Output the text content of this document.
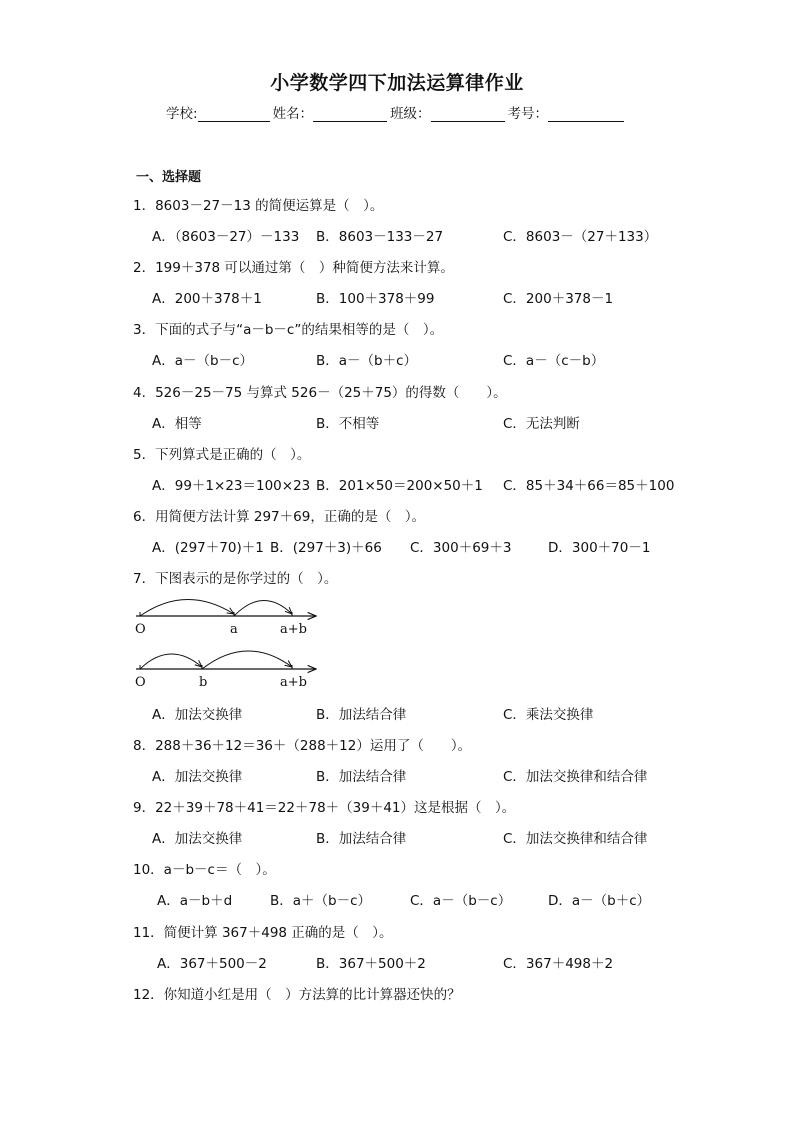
小学数学四下加法运算律作业
学校:	姓名：	班级：	考号：
一、选择题
1．8603－27－13 的简便运算是（　）。
A．（8603－27）－133 B．8603－133－27	C．8603－（27＋133）
2．199＋378 可以通过第（　）种简便方法来计算。
A．200＋378＋1	B．100＋378＋99	C．200＋378－1
3．下面的式子与“a－b－c”的结果相等的是（　）。
A．a－（b－c）	B．a－（b＋c）	C．a－（c－b）
4．526－25－75 与算式 526－（25＋75）的得数（　　）。
A．相等	B．不相等	C．无法判断
5．下列算式是正确的（　）。
A．99＋1×23＝100×23 B．201×50＝200×50＋1 C．85＋34＋66＝85＋100
6．用简便方法计算 297＋69，正确的是（　）。
A．(297＋70)＋1 B．(297＋3)＋66 C．300＋69＋3	D．300＋70－1
7．下图表示的是你学过的（　）。
O	a	a+b
O	b	a+b
A．加法交换律	B．加法结合律	C．乘法交换律
8．288＋36＋12＝36＋（288＋12）运用了（　　）。
A．加法交换律	B．加法结合律	C．加法交换律和结合律
9．22＋39＋78＋41＝22＋78＋（39＋41）这是根据（　）。
A．加法交换律	B．加法结合律	C．加法交换律和结合律
10．a－b－c＝（　）。
A．a－b＋d	B．a＋（b－c）	C．a－（b－c）	D．a－（b＋c）
11．简便计算 367＋498 正确的是（　）。
A．367＋500－2	B．367＋500＋2	C．367＋498＋2
12．你知道小红是用（　）方法算的比计算器还快的？
